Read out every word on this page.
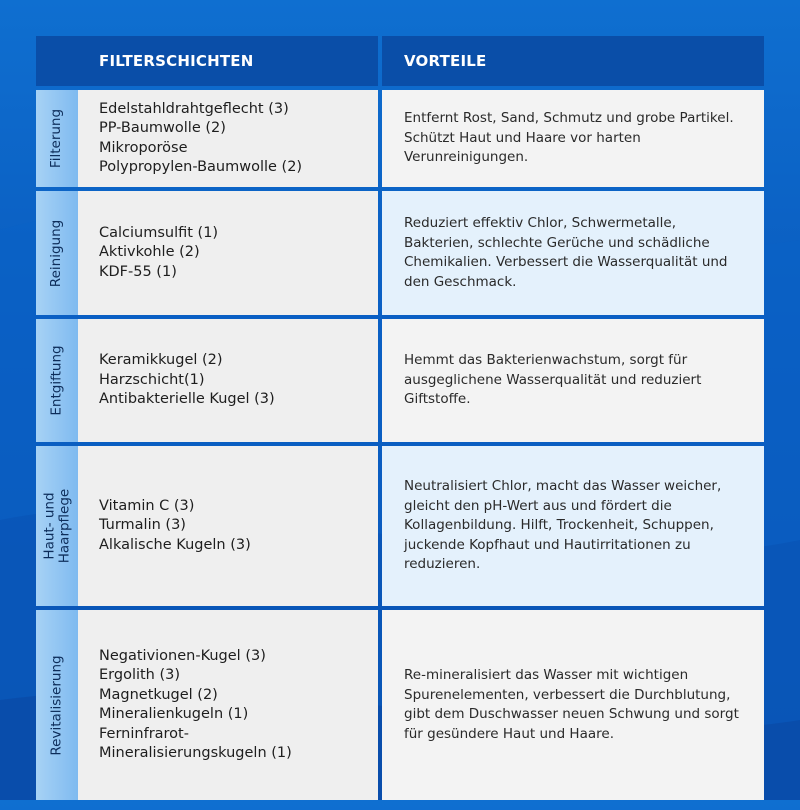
FILTERSCHICHTEN	VORTEILE
Filterung
Edelstahldrahtgeflecht (3)
PP-Baumwolle (2)
Mikroporöse
Polypropylen-Baumwolle (2)
Entfernt Rost, Sand, Schmutz und grobe Partikel. Schützt Haut und Haare vor harten Verunreinigungen.
Reinigung Calciumsulfit (1)
Aktivkohle (2)
KDF-55 (1)
Reduziert effektiv Chlor, Schwermetalle, Bakterien, schlechte Gerüche und schädliche Chemikalien. Verbessert die Wasserqualität und den Geschmack.
Entgiftung Keramikkugel (2)
Harzschicht(1)
Antibakterielle Kugel (3)
Hemmt das Bakterienwachstum, sorgt für ausgeglichene Wasserqualität und reduziert Giftstoffe.
Haut- und Haarpflege Vitamin C (3)
Turmalin (3)
Alkalische Kugeln (3)
Neutralisiert Chlor, macht das Wasser weicher, gleicht den pH-Wert aus und fördert die Kollagenbildung. Hilft, Trockenheit, Schuppen, juckende Kopfhaut und Hautirritationen zu reduzieren.
Revitalisierung Negativionen-Kugel (3)
Ergolith (3)
Magnetkugel (2)
Mineralienkugeln (1)
Ferninfrarot-
Mineralisierungskugeln (1)
Re-mineralisiert das Wasser mit wichtigen Spurenelementen, verbessert die Durchblutung, gibt dem Duschwasser neuen Schwung und sorgt für gesündere Haut und Haare.
